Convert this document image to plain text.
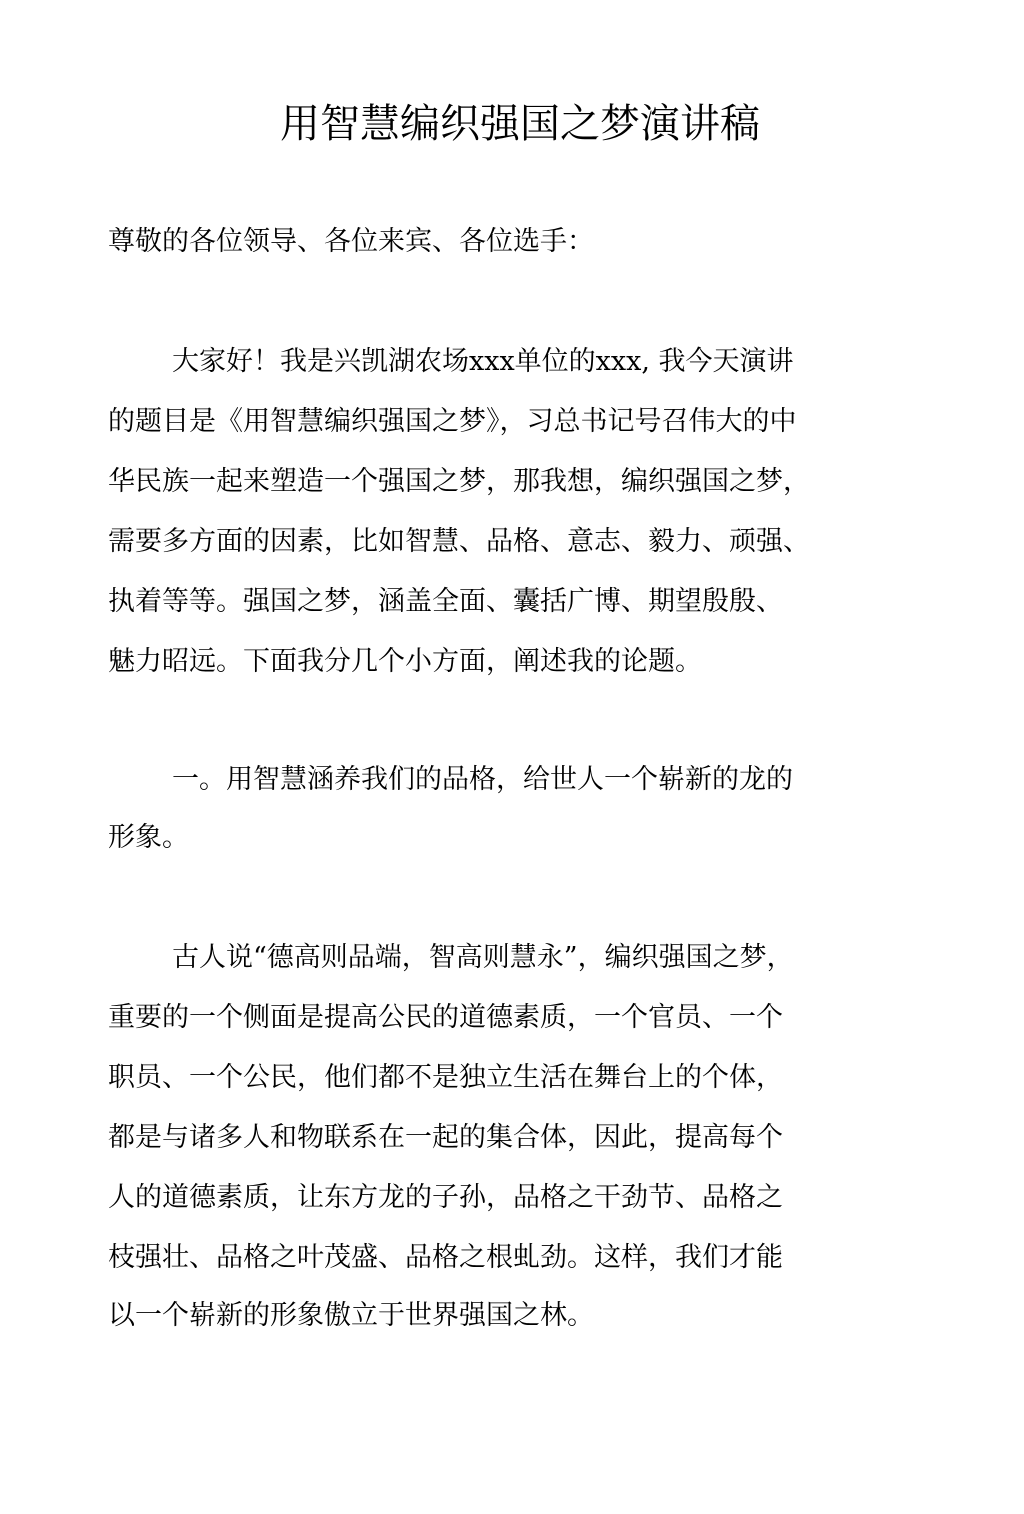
用智慧编织强国之梦演讲稿
尊敬的各位领导、各位来宾、各位选手：
大家好！我是兴凯湖农场xxx单位的xxx, 我今天演讲
的题目是《用智慧编织强国之梦》，习总书记号召伟大的中
华民族一起来塑造一个强国之梦，那我想，编织强国之梦，
需要多方面的因素，比如智慧、品格、意志、毅力、顽强、
执着等等。强国之梦，涵盖全面、囊括广博、期望殷殷、
魅力昭远。下面我分几个小方面，阐述我的论题。
一。用智慧涵养我们的品格，给世人一个崭新的龙的
形象。
古人说“德高则品端，智高则慧永”，编织强国之梦，
重要的一个侧面是提高公民的道德素质，一个官员、一个
职员、一个公民，他们都不是独立生活在舞台上的个体，
都是与诸多人和物联系在一起的集合体，因此，提高每个
人的道德素质，让东方龙的子孙，品格之干劲节、品格之
枝强壮、品格之叶茂盛、品格之根虬劲。这样，我们才能
以一个崭新的形象傲立于世界强国之林。
